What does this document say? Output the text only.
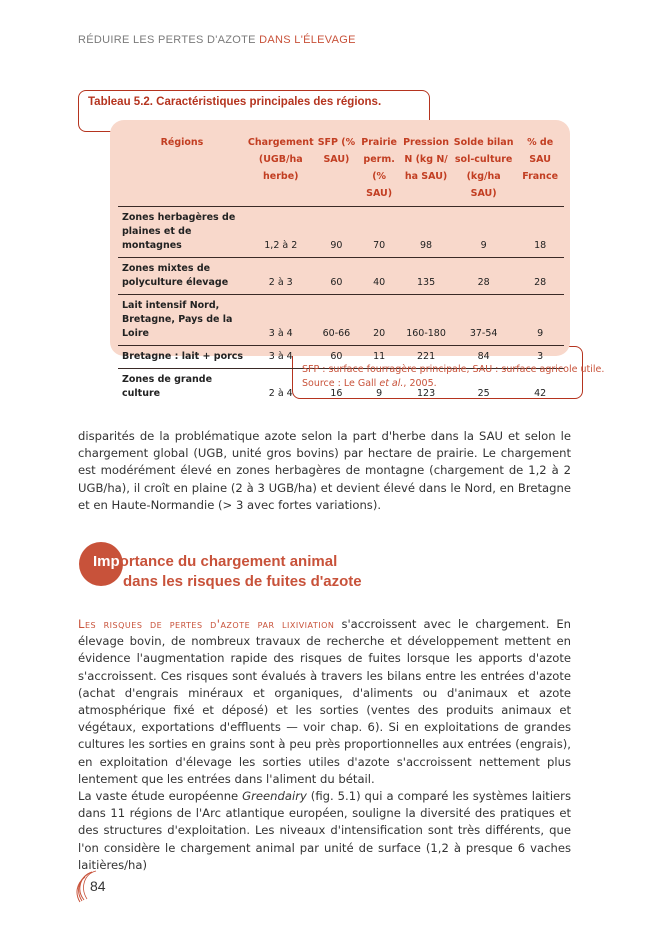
RÉDUIRE LES PERTES D'AZOTE DANS L'ÉLEVAGE
Tableau 5.2. Caractéristiques principales des régions.
Régions	Chargement (UGB/ha herbe)	SFP (% SAU)	Prairie perm. (% SAU)	Pression N (kg N/ ha SAU)	Solde bilan sol-culture (kg/ha SAU)	% de SAU France
Zones herbagères de plaines et de montagnes	1,2 à 2	90	70	98	9	18
Zones mixtes de polyculture élevage	2 à 3	60	40	135	28	28
Lait intensif Nord, Bretagne, Pays de la Loire	3 à 4	60-66	20	160-180	37-54	9
Bretagne : lait + porcs	3 à 4	60	11	221	84	3
Zones de grande culture	2 à 4	16	9	123	25	42
SFP : surface fourragère principale, SAU : surface agricole utile.
Source : Le Gall et al., 2005.
disparités de la problématique azote selon la part d'herbe dans la SAU et selon le chargement global (UGB, unité gros bovins) par hectare de prairie. Le chargement est modérément élevé en zones herbagères de montagne (chargement de 1,2 à 2 UGB/ha), il croît en plaine (2 à 3 UGB/ha) et devient élevé dans le Nord, en Bretagne et en Haute-Normandie (> 3 avec fortes variations).
Importance du chargement animal
dans les risques de fuites d'azote
Les risques de pertes d'azote par lixiviation s'accroissent avec le chargement. En élevage bovin, de nombreux travaux de recherche et développement mettent en évidence l'augmentation rapide des risques de fuites lorsque les apports d'azote s'accroissent. Ces risques sont évalués à travers les bilans entre les entrées d'azote (achat d'engrais minéraux et organiques, d'aliments ou d'animaux et azote atmosphérique fixé et déposé) et les sorties (ventes des produits animaux et végétaux, exportations d'effluents — voir chap. 6). Si en exploitations de grandes cultures les sorties en grains sont à peu près proportionnelles aux entrées (engrais), en exploitation d'élevage les sorties utiles d'azote s'accroissent nettement plus lentement que les entrées dans l'aliment du bétail.
La vaste étude européenne Greendairy (fig. 5.1) qui a comparé les systèmes laitiers dans 11 régions de l'Arc atlantique européen, souligne la diversité des pratiques et des structures d'exploitation. Les niveaux d'intensification sont très différents, que l'on considère le chargement animal par unité de surface (1,2 à presque 6 vaches laitières/ha)
84
